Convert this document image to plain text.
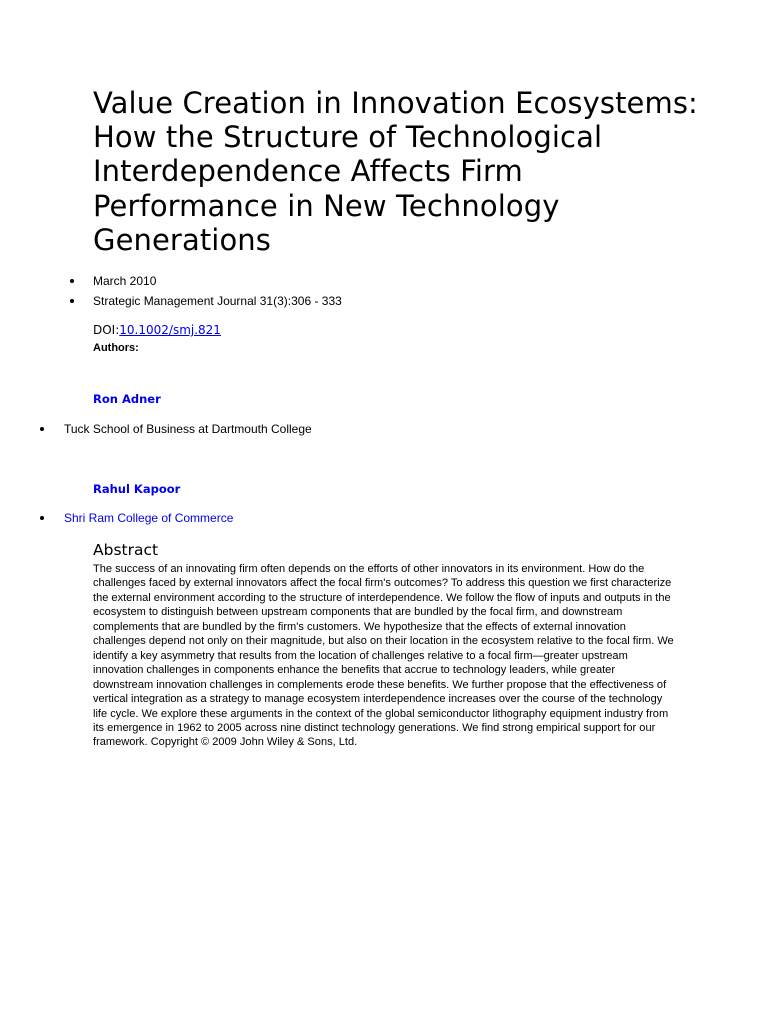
Value Creation in Innovation Ecosystems: How the Structure of Technological Interdependence Affects Firm Performance in New Technology Generations
March 2010
Strategic Management Journal 31(3):306 - 333
DOI:10.1002/smj.821
Authors:
Ron Adner
Tuck School of Business at Dartmouth College
Rahul Kapoor
Shri Ram College of Commerce
Abstract

The success of an innovating firm often depends on the efforts of other innovators in its environment. How do the challenges faced by external innovators affect the focal firm's outcomes? To address this question we first characterize the external environment according to the structure of interdependence. We follow the flow of inputs and outputs in the ecosystem to distinguish between upstream components that are bundled by the focal firm, and downstream complements that are bundled by the firm's customers. We hypothesize that the effects of external innovation challenges depend not only on their magnitude, but also on their location in the ecosystem relative to the focal firm. We identify a key asymmetry that results from the location of challenges relative to a focal firm—greater upstream innovation challenges in components enhance the benefits that accrue to technology leaders, while greater downstream innovation challenges in complements erode these benefits. We further propose that the effectiveness of vertical integration as a strategy to manage ecosystem interdependence increases over the course of the technology life cycle. We explore these arguments in the context of the global semiconductor lithography equipment industry from its emergence in 1962 to 2005 across nine distinct technology generations. We find strong empirical support for our framework. Copyright © 2009 John Wiley & Sons, Ltd.
